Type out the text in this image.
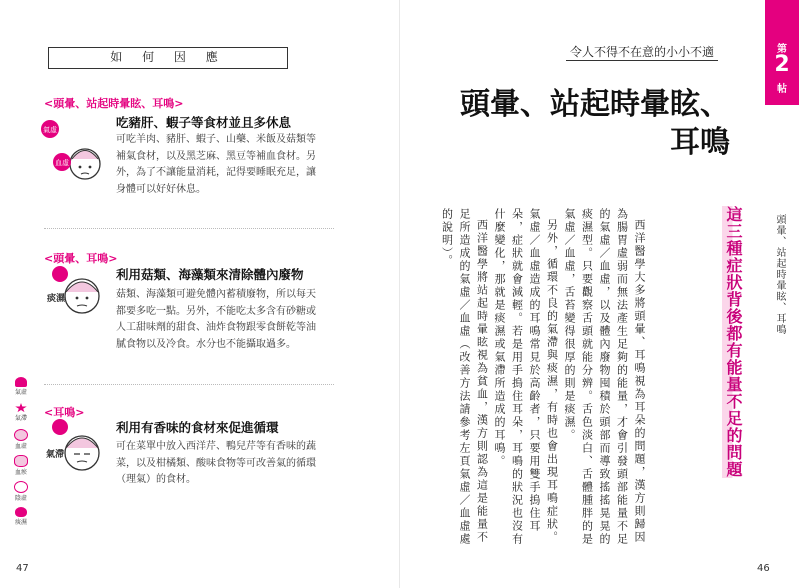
如 何 因 應
<頭暈、站起時暈眩、耳鳴>
氣虛
血虛
吃豬肝、蝦子等食材並且多休息
可吃羊肉、豬肝、蝦子、山藥、米飯及菇類等補氣食材，以及黑芝麻、黑豆等補血食材。另外，為了不讓能量消耗，記得要睡眠充足，讓身體可以好好休息。
<頭暈、耳鳴>
痰濕
利用菇類、海藻類來清除體內廢物
菇類、海藻類可避免體內蓄積廢物，所以每天都要多吃一點。另外，不能吃太多含有砂糖或人工甜味劑的甜食、油炸食物跟零食餅乾等油膩食物以及冷食。水分也不能攝取過多。
<耳鳴>
氣滯
利用有香味的食材來促進循環
可在菜單中放入西洋芹、鴨兒芹等有香味的蔬菜，以及柑橘類、酸味食物等可改善氣的循環（理氣）的食材。
氣虛
氣滯
血虛
血瘀
陰虛
痰濕
47
第
2
帖
頭暈、站起時暈眩、耳鳴
令人不得不在意的小小不適
頭暈、站起時暈眩、
耳鳴
這三種症狀背後都有能量不足的問題

西洋醫學大多將頭暈、耳鳴視為耳朵的問題，漢方則歸因為腸胃虛弱而無法產生足夠的能量，才會引發頭部能量不足的氣虛／血虛，以及體內廢物囤積於頭部而導致搖搖晃晃的痰濕型。只要觀察舌頭就能分辨。舌色淡白、舌體腫胖的是氣虛／血虛，舌苔變得很厚的則是痰濕。

另外，循環不良的氣滯與痰濕，有時也會出現耳鳴症狀。氣虛／血虛造成的耳鳴常見於高齡者，只要用雙手摀住耳朵，症狀就會減輕。若是用手摀住耳朵，耳鳴的狀況也沒有什麼變化，那就是痰濕或氣滯所造成的耳鳴。

西洋醫學將站起時暈眩視為貧血，漢方則認為這是能量不足所造成的氣虛／血虛（改善方法請參考左頁氣虛／血虛處的說明）。

46
